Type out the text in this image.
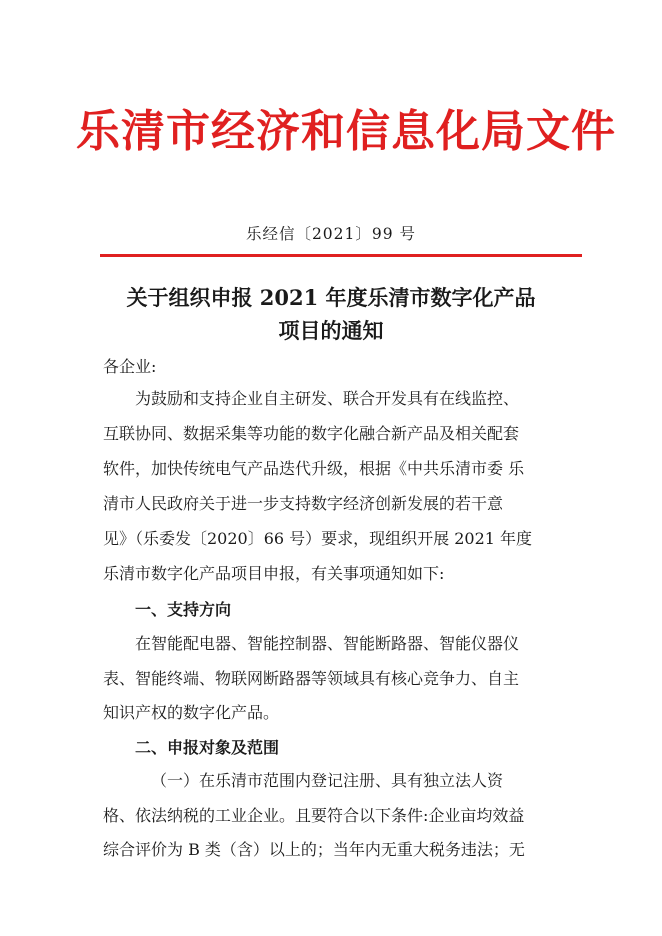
乐清市经济和信息化局文件
乐经信〔2021〕99 号
关于组织申报 2021 年度乐清市数字化产品
项目的通知
各企业:
为鼓励和支持企业自主研发、联合开发具有在线监控、
互联协同、数据采集等功能的数字化融合新产品及相关配套
软件，加快传统电气产品迭代升级，根据《中共乐清市委 乐
清市人民政府关于进一步支持数字经济创新发展的若干意
见》（乐委发〔2020〕66 号）要求，现组织开展 2021 年度
乐清市数字化产品项目申报，有关事项通知如下:
一、支持方向
在智能配电器、智能控制器、智能断路器、智能仪器仪
表、智能终端、物联网断路器等领域具有核心竞争力、自主
知识产权的数字化产品。
二、申报对象及范围
（一）在乐清市范围内登记注册、具有独立法人资
格、依法纳税的工业企业。且要符合以下条件:企业亩均效益
综合评价为 B 类（含）以上的；当年内无重大税务违法；无
